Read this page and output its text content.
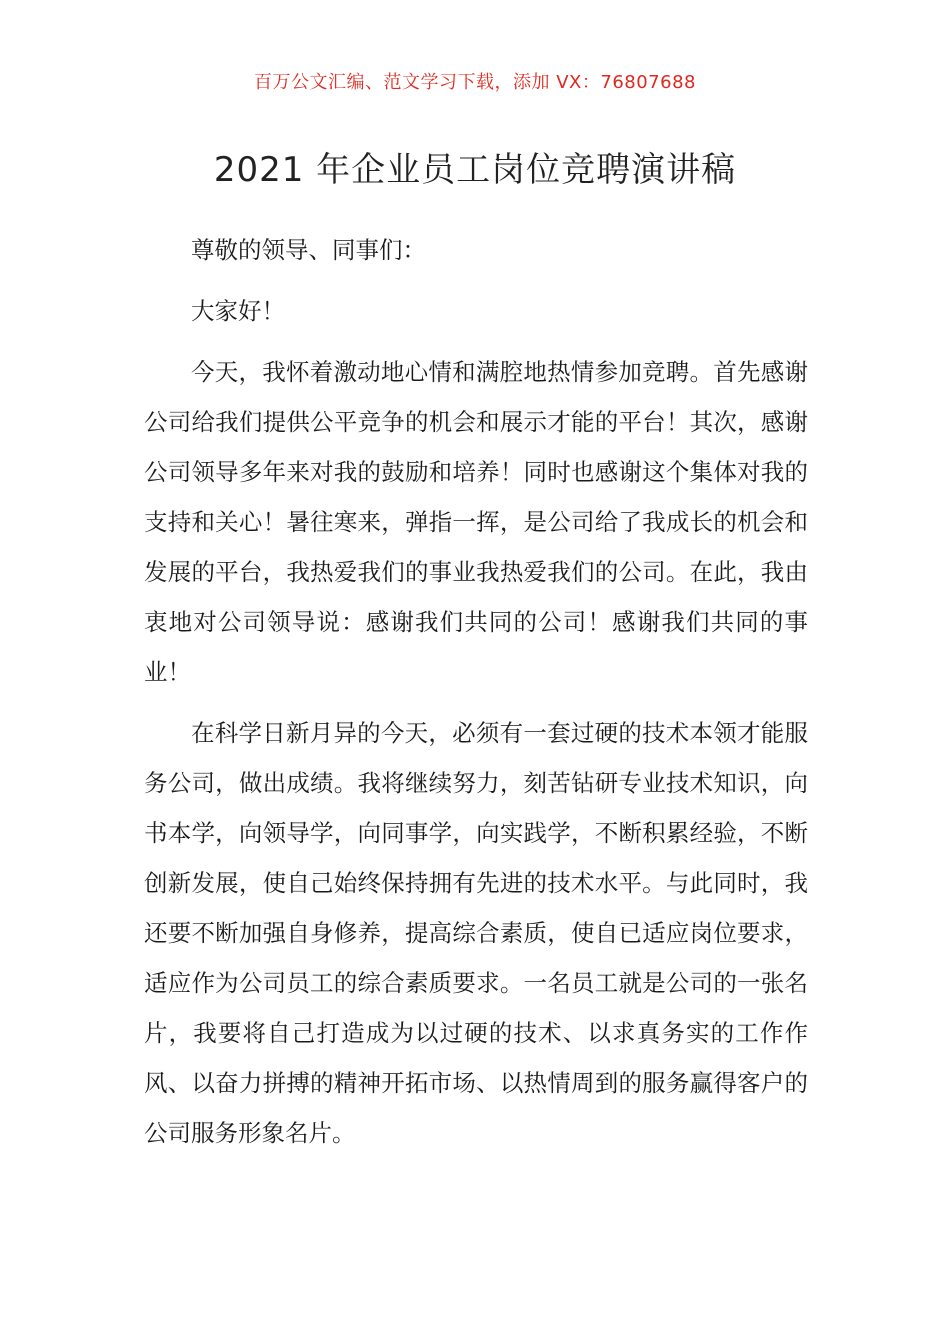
百万公文汇编、范文学习下载，添加 VX：76807688
2021 年企业员工岗位竞聘演讲稿

尊敬的领导、同事们：

大家好！

今天，我怀着激动地心情和满腔地热情参加竞聘。首先感谢公司给我们提供公平竞争的机会和展示才能的平台！其次，感谢公司领导多年来对我的鼓励和培养！同时也感谢这个集体对我的支持和关心！暑往寒来，弹指一挥，是公司给了我成长的机会和发展的平台，我热爱我们的事业我热爱我们的公司。在此，我由衷地对公司领导说：感谢我们共同的公司！感谢我们共同的事业！

在科学日新月异的今天，必须有一套过硬的技术本领才能服务公司，做出成绩。我将继续努力，刻苦钻研专业技术知识，向书本学，向领导学，向同事学，向实践学，不断积累经验，不断创新发展，使自己始终保持拥有先进的技术水平。与此同时，我还要不断加强自身修养，提高综合素质，使自已适应岗位要求，适应作为公司员工的综合素质要求。一名员工就是公司的一张名片，我要将自己打造成为以过硬的技术、以求真务实的工作作风、以奋力拼搏的精神开拓市场、以热情周到的服务赢得客户的公司服务形象名片。
